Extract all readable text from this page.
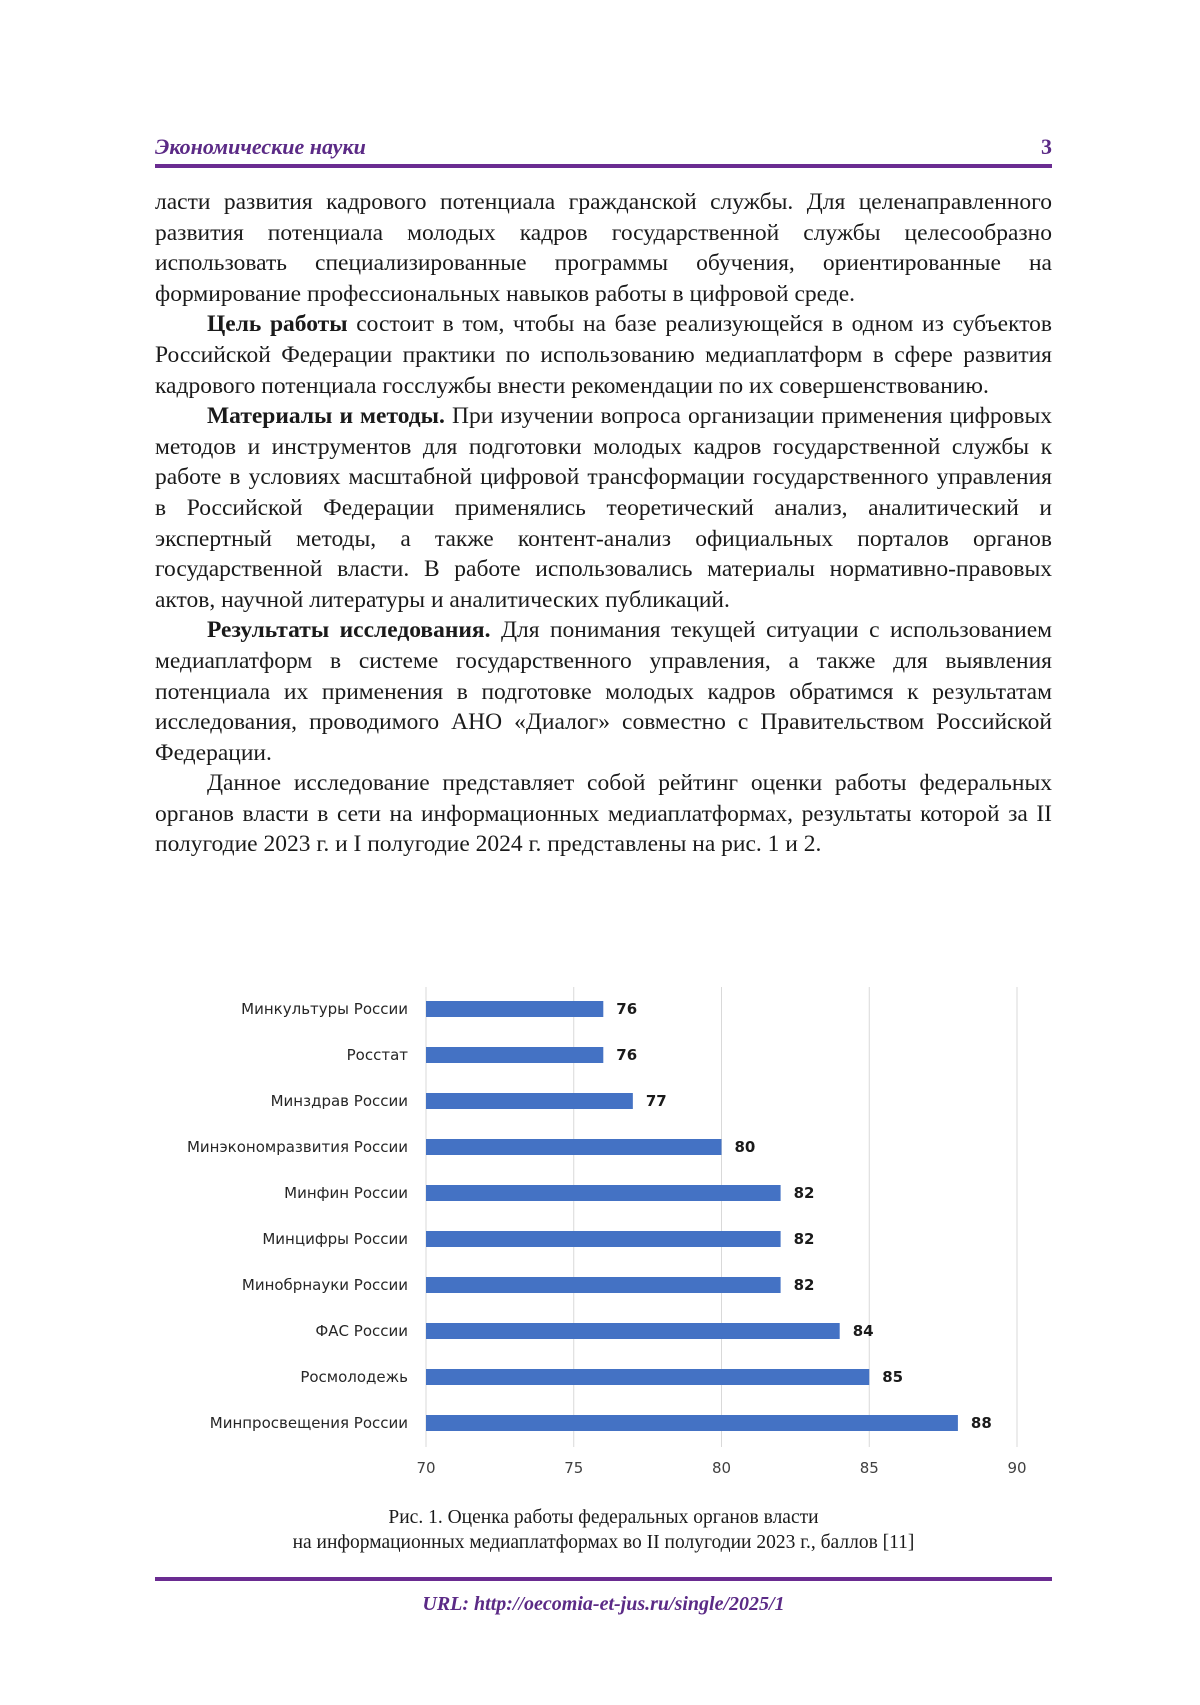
Экономические науки	3

ласти развития кадрового потенциала гражданской службы. Для целенаправленного развития потенциала молодых кадров государственной службы целесообразно использовать специализированные программы обучения, ориентированные на формирование профессиональных навыков работы в цифровой среде.

Цель работы состоит в том, чтобы на базе реализующейся в одном из субъектов Российской Федерации практики по использованию медиаплатформ в сфере развития кадрового потенциала госслужбы внести рекомендации по их совершенствованию.

Материалы и методы. При изучении вопроса организации применения цифровых методов и инструментов для подготовки молодых кадров государственной службы к работе в условиях масштабной цифровой трансформации государственного управления в Российской Федерации применялись теоретический анализ, аналитический и экспертный методы, а также контент-анализ официальных порталов органов государственной власти. В работе использовались материалы нормативно-правовых актов, научной литературы и аналитических публикаций.

Результаты исследования. Для понимания текущей ситуации с использованием медиаплатформ в системе государственного управления, а также для выявления потенциала их применения в подготовке молодых кадров обратимся к результатам исследования, проводимого АНО «Диалог» совместно с Правительством Российской Федерации.

Данное исследование представляет собой рейтинг оценки работы федеральных органов власти в сети на информационных медиаплатформах, результаты которой за II полугодие 2023 г. и I полугодие 2024 г. представлены на рис. 1 и 2.

70	75	80	85	90
Минкультуры России	76
Росстат	76
Минздрав России	77
Минэкономразвития России	80
Минфин России	82
Минцифры России	82
Минобрнауки России	82
ФАС России	84
Росмолодежь	85
Минпросвещения России	88
Рис. 1. Оценка работы федеральных органов власти
на информационных медиаплатформах во II полугодии 2023 г., баллов [11]
URL: http://oecomia-et-jus.ru/single/2025/1
